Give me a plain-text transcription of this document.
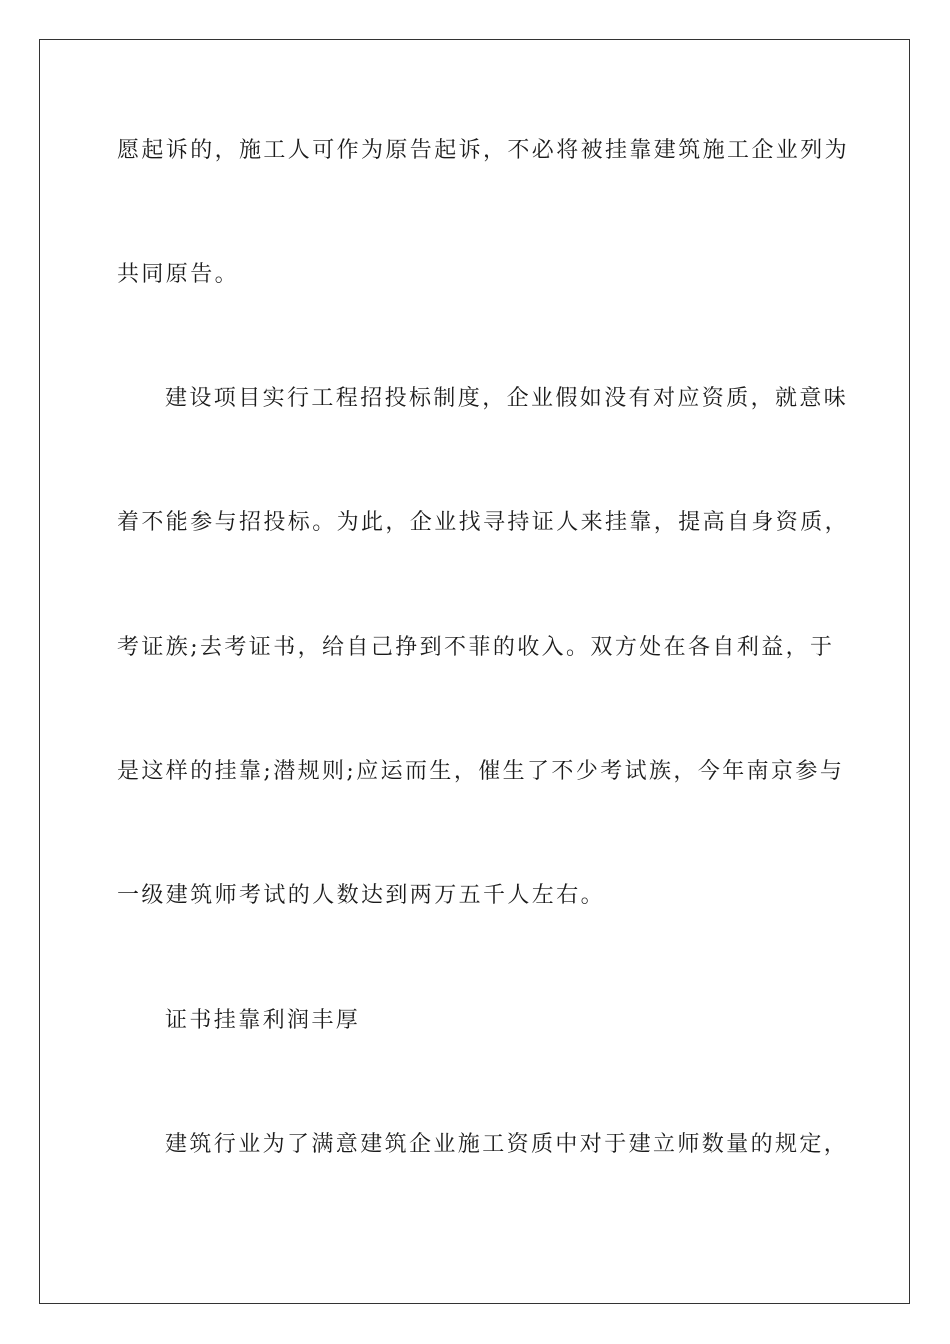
愿起诉的，施工人可作为原告起诉，不必将被挂靠建筑施工企业列为
共同原告。
建设项目实行工程招投标制度，企业假如没有对应资质，就意味
着不能参与招投标。为此，企业找寻持证人来挂靠，提高自身资质，
考证族;去考证书，给自己挣到不菲的收入。双方处在各自利益，于
是这样的挂靠;潜规则;应运而生，催生了不少考试族，今年南京参与
一级建筑师考试的人数达到两万五千人左右。
证书挂靠利润丰厚
建筑行业为了满意建筑企业施工资质中对于建立师数量的规定，
